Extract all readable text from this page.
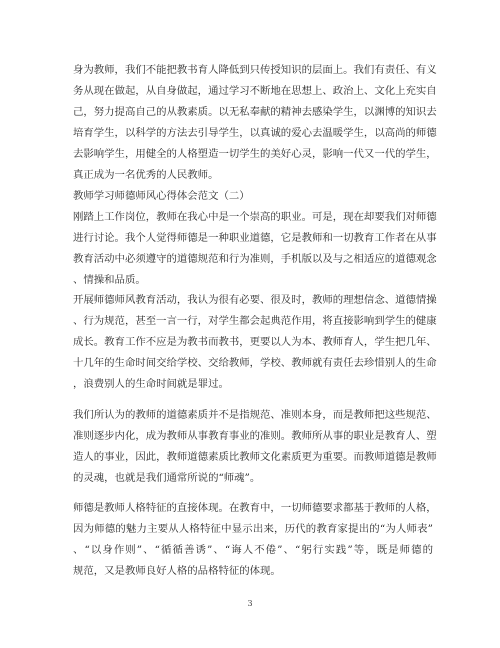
身为教师，我们不能把教书育人降低到只传授知识的层面上。我们有责任、有义
务从现在做起，从自身做起，通过学习不断地在思想上、政治上、文化上充实自
己，努力提高自己的从教素质。以无私奉献的精神去感染学生，以渊博的知识去
培育学生，以科学的方法去引导学生，以真诚的爱心去温暖学生，以高尚的师德
去影响学生，用健全的人格塑造一切学生的美好心灵，影响一代又一代的学生，
真正成为一名优秀的人民教师。
教师学习师德师风心得体会范文（二）
刚踏上工作岗位，教师在我心中是一个崇高的职业。可是，现在却要我们对师德
进行讨论。我个人觉得师德是一种职业道德，它是教师和一切教育工作者在从事
教育活动中必须遵守的道德规范和行为准则，手机版以及与之相适应的道德观念
、情操和品质。
开展师德师风教育活动，我认为很有必要、很及时，教师的理想信念、道德情操
、行为规范，甚至一言一行，对学生都会起典范作用，将直接影响到学生的健康
成长。教育工作不应是为教书而教书，更要以人为本、教师育人，学生把几年、
十几年的生命时间交给学校、交给教师，学校、教师就有责任去珍惜别人的生命
，浪费别人的生命时间就是罪过。
我们所认为的教师的道德素质并不是指规范、准则本身，而是教师把这些规范、
准则逐步内化，成为教师从事教育事业的准则。教师所从事的职业是教育人、塑
造人的事业，因此，教师道德素质比教师文化素质更为重要。而教师道德是教师
的灵魂，也就是我们通常所说的“师魂”。
师德是教师人格特征的直接体现。在教育中，一切师德要求都基于教师的人格，
因为师德的魅力主要从人格特征中显示出来，历代的教育家提出的“为人师表”
、“以身作则”、“循循善诱”、“诲人不倦”、“躬行实践”等，既是师德的
规范，又是教师良好人格的品格特征的体现。
3
